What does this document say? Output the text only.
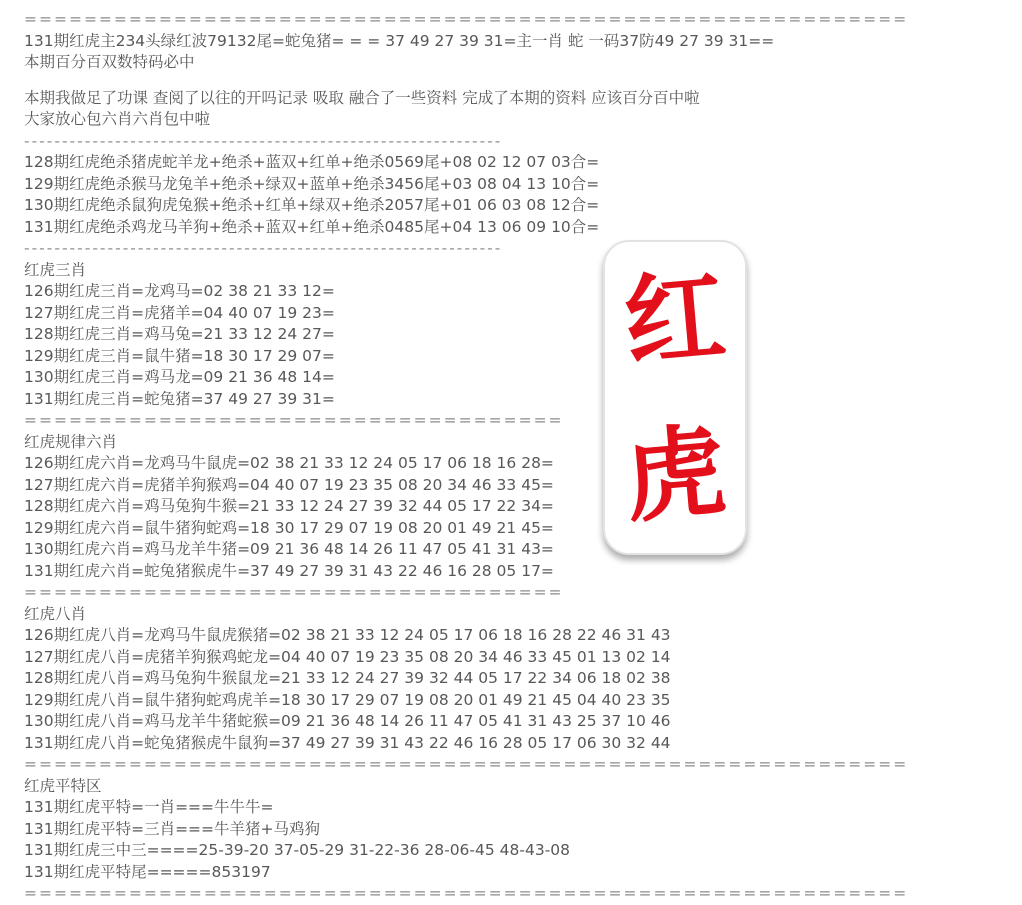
===========================================================
131期红虎主234头绿红波79132尾=蛇兔猪= = = 37 49 27 39 31=主一肖 蛇 一码37防49 27 39 31==
本期百分百双数特码必中
本期我做足了功课 查阅了以往的开吗记录 吸取 融合了一些资料 完成了本期的资料 应该百分百中啦
大家放心包六肖六肖包中啦
---------------------------------------------------------------
128期红虎绝杀猪虎蛇羊龙+绝杀+蓝双+红单+绝杀0569尾+08 02 12 07 03合=
129期红虎绝杀猴马龙兔羊+绝杀+绿双+蓝单+绝杀3456尾+03 08 04 13 10合=
130期红虎绝杀鼠狗虎兔猴+绝杀+红单+绿双+绝杀2057尾+01 06 03 08 12合=
131期红虎绝杀鸡龙马羊狗+绝杀+蓝双+红单+绝杀0485尾+04 13 06 09 10合=
---------------------------------------------------------------
红虎三肖
126期红虎三肖=龙鸡马=02 38 21 33 12=
127期红虎三肖=虎猪羊=04 40 07 19 23=
128期红虎三肖=鸡马兔=21 33 12 24 27=
129期红虎三肖=鼠牛猪=18 30 17 29 07=
130期红虎三肖=鸡马龙=09 21 36 48 14=
131期红虎三肖=蛇兔猪=37 49 27 39 31=
====================================
红虎规律六肖
126期红虎六肖=龙鸡马牛鼠虎=02 38 21 33 12 24 05 17 06 18 16 28=
127期红虎六肖=虎猪羊狗猴鸡=04 40 07 19 23 35 08 20 34 46 33 45=
128期红虎六肖=鸡马兔狗牛猴=21 33 12 24 27 39 32 44 05 17 22 34=
129期红虎六肖=鼠牛猪狗蛇鸡=18 30 17 29 07 19 08 20 01 49 21 45=
130期红虎六肖=鸡马龙羊牛猪=09 21 36 48 14 26 11 47 05 41 31 43=
131期红虎六肖=蛇兔猪猴虎牛=37 49 27 39 31 43 22 46 16 28 05 17=
====================================
红虎八肖
126期红虎八肖=龙鸡马牛鼠虎猴猪=02 38 21 33 12 24 05 17 06 18 16 28 22 46 31 43
127期红虎八肖=虎猪羊狗猴鸡蛇龙=04 40 07 19 23 35 08 20 34 46 33 45 01 13 02 14
128期红虎八肖=鸡马兔狗牛猴鼠龙=21 33 12 24 27 39 32 44 05 17 22 34 06 18 02 38
129期红虎八肖=鼠牛猪狗蛇鸡虎羊=18 30 17 29 07 19 08 20 01 49 21 45 04 40 23 35
130期红虎八肖=鸡马龙羊牛猪蛇猴=09 21 36 48 14 26 11 47 05 41 31 43 25 37 10 46
131期红虎八肖=蛇兔猪猴虎牛鼠狗=37 49 27 39 31 43 22 46 16 28 05 17 06 30 32 44
===========================================================
红虎平特区
131期红虎平特=一肖===牛牛牛=
131期红虎平特=三肖===牛羊猪+马鸡狗
131期红虎三中三====25-39-20 37-05-29 31-22-36 28-06-45 48-43-08
131期红虎平特尾=====853197
===========================================================
红
虎
